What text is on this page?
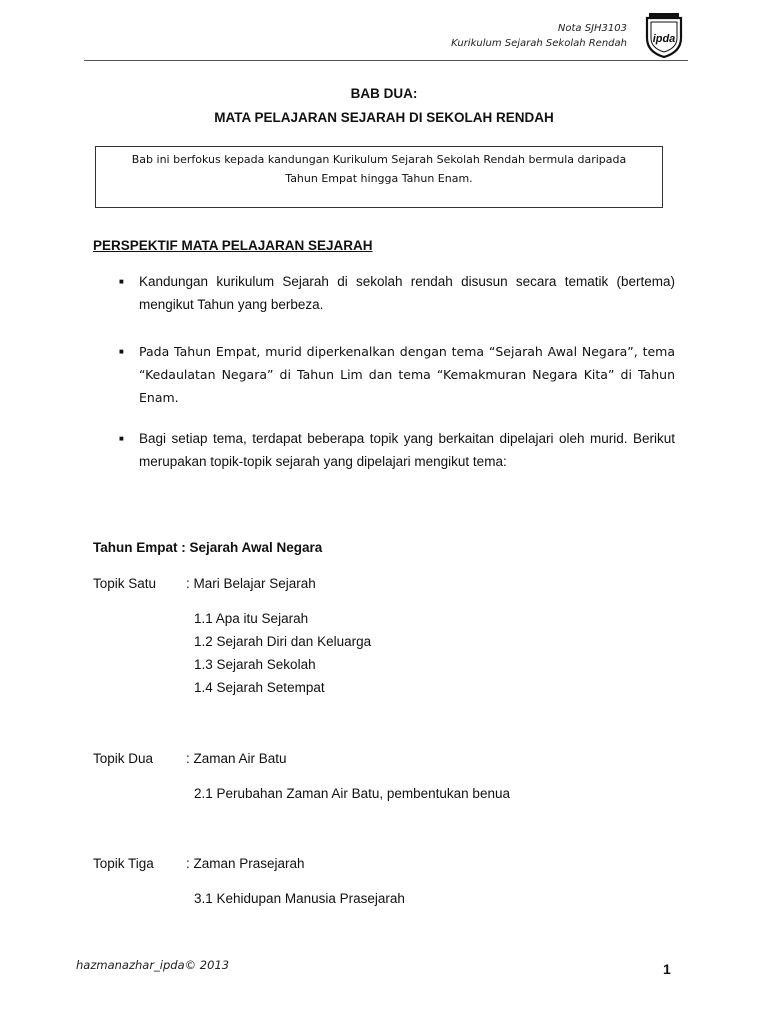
Nota SJH3103
Kurikulum Sejarah Sekolah Rendah ipda
BAB DUA:
MATA PELAJARAN SEJARAH DI SEKOLAH RENDAH
Bab ini berfokus kepada kandungan Kurikulum Sejarah Sekolah Rendah bermula daripada
Tahun Empat hingga Tahun Enam.
PERSPEKTIF MATA PELAJARAN SEJARAH
■ Kandungan kurikulum Sejarah di sekolah rendah disusun secara tematik (bertema) mengikut Tahun yang berbeza.
■ Pada Tahun Empat, murid diperkenalkan dengan tema “Sejarah Awal Negara”, tema “Kedaulatan Negara” di Tahun Lim dan tema “Kemakmuran Negara Kita” di Tahun Enam.
■ Bagi setiap tema, terdapat beberapa topik yang berkaitan dipelajari oleh murid. Berikut merupakan topik-topik sejarah yang dipelajari mengikut tema:
Tahun Empat : Sejarah Awal Negara
Topik Satu : Mari Belajar Sejarah
1.1 Apa itu Sejarah
1.2 Sejarah Diri dan Keluarga
1.3 Sejarah Sekolah
1.4 Sejarah Setempat
Topik Dua : Zaman Air Batu
2.1 Perubahan Zaman Air Batu, pembentukan benua
Topik Tiga : Zaman Prasejarah
3.1 Kehidupan Manusia Prasejarah
hazmanazhar_ipda© 2013	1
